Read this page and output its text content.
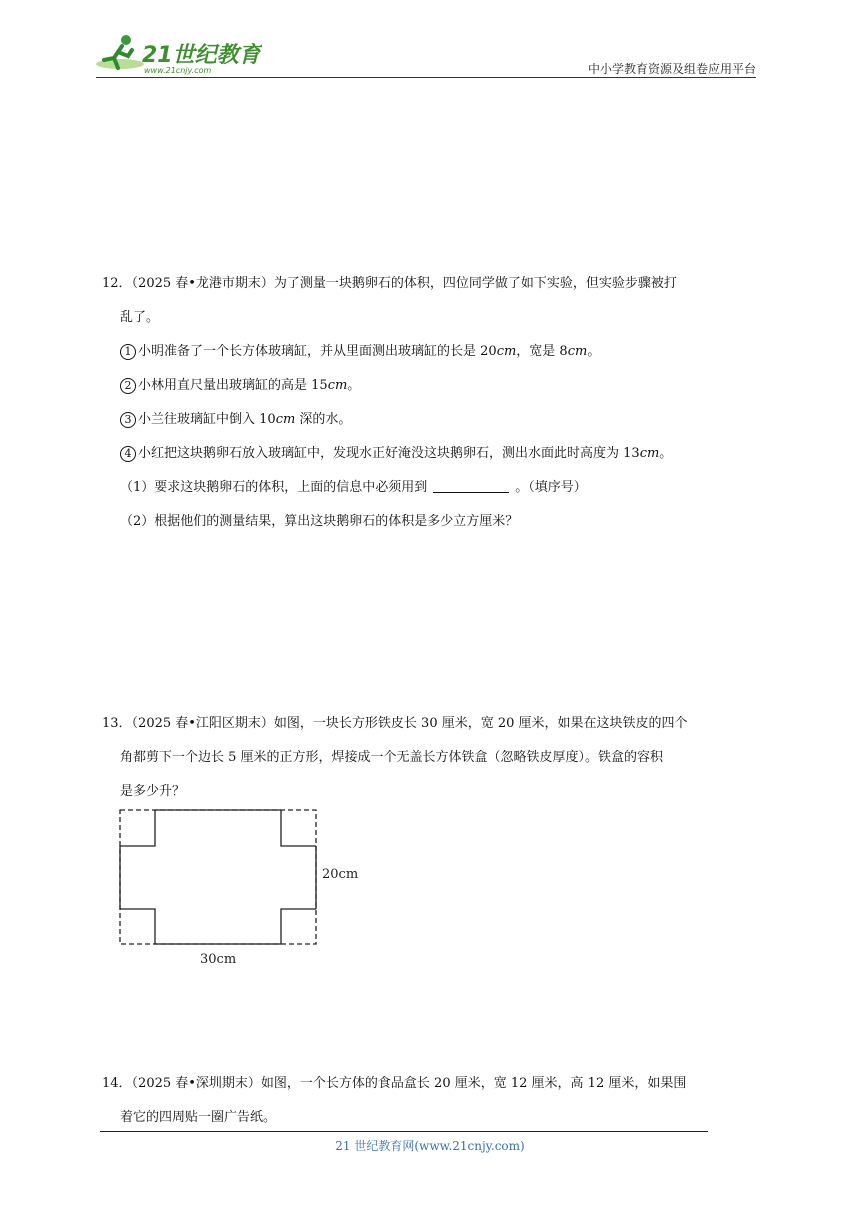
21世纪教育
www.21cnjy.com	中小学教育资源及组卷应用平台
12．（2025 春•龙港市期末）为了测量一块鹅卵石的体积，四位同学做了如下实验，但实验步骤被打
乱了。
1 小明准备了一个长方体玻璃缸，并从里面测出玻璃缸的长是 20cm，宽是 8cm。
2 小林用直尺量出玻璃缸的高是 15cm。
3 小兰往玻璃缸中倒入 10cm 深的水。
4 小红把这块鹅卵石放入玻璃缸中，发现水正好淹没这块鹅卵石，测出水面此时高度为 13cm。
（1）要求这块鹅卵石的体积，上面的信息中必须用到	。（填序号）
（2）根据他们的测量结果，算出这块鹅卵石的体积是多少立方厘米？
13．（2025 春•江阳区期末）如图，一块长方形铁皮长 30 厘米，宽 20 厘米，如果在这块铁皮的四个
角都剪下一个边长 5 厘米的正方形，焊接成一个无盖长方体铁盒（忽略铁皮厚度）。铁盒的容积
是多少升？
20cm
30cm
14．（2025 春•深圳期末）如图，一个长方体的食品盒长 20 厘米，宽 12 厘米，高 12 厘米，如果围
着它的四周贴一圈广告纸。
21 世纪教育网(www.21cnjy.com)
